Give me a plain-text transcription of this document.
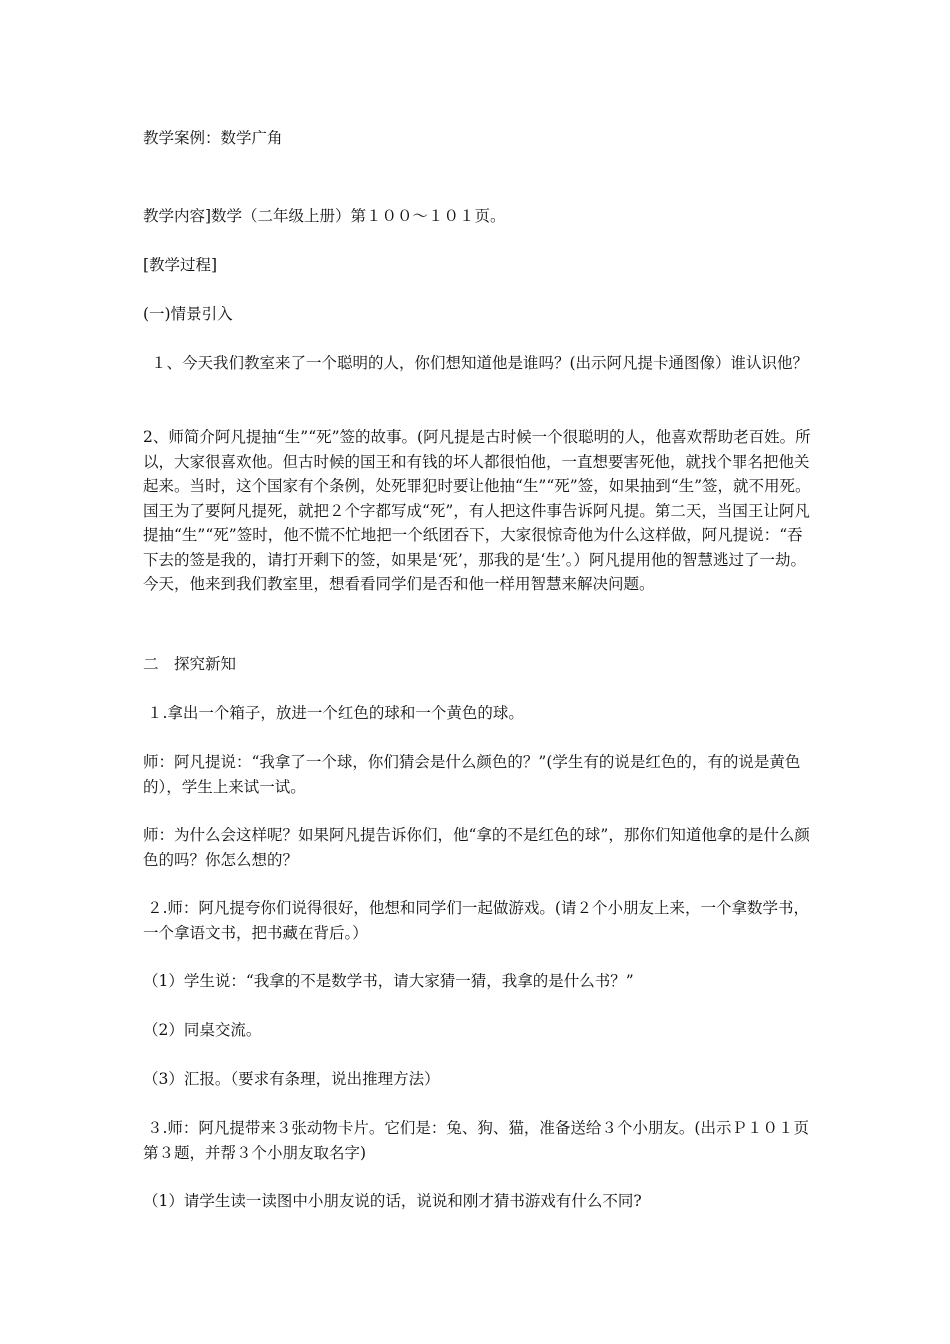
教学案例：数学广角

教学内容]数学（二年级上册）第１００～１０１页。

[教学过程]

(一)情景引入

１、今天我们教室来了一个聪明的人，你们想知道他是谁吗？(出示阿凡提卡通图像）谁认识他？

2、师简介阿凡提抽“生”“死”签的故事。(阿凡提是古时候一个很聪明的人，他喜欢帮助老百姓。所以，大家很喜欢他。但古时候的国王和有钱的坏人都很怕他，一直想要害死他，就找个罪名把他关起来。当时，这个国家有个条例，处死罪犯时要让他抽“生”“死”签，如果抽到“生”签，就不用死。国王为了要阿凡提死，就把２个字都写成“死”，有人把这件事告诉阿凡提。第二天，当国王让阿凡提抽“生”“死”签时，他不慌不忙地把一个纸团吞下，大家很惊奇他为什么这样做，阿凡提说：“吞下去的签是我的，请打开剩下的签，如果是‘死’，那我的是‘生’。）阿凡提用他的智慧逃过了一劫。今天，他来到我们教室里，想看看同学们是否和他一样用智慧来解决问题。

二　探究新知

１.拿出一个箱子，放进一个红色的球和一个黄色的球。

师：阿凡提说：“我拿了一个球，你们猜会是什么颜色的？”(学生有的说是红色的，有的说是黄色的），学生上来试一试。

师：为什么会这样呢？如果阿凡提告诉你们，他“拿的不是红色的球”，那你们知道他拿的是什么颜色的吗？你怎么想的？

２.师：阿凡提夸你们说得很好，他想和同学们一起做游戏。(请２个小朋友上来，一个拿数学书，一个拿语文书，把书藏在背后。）

（1）学生说：“我拿的不是数学书，请大家猜一猜，我拿的是什么书？”

（2）同桌交流。

（3）汇报。（要求有条理，说出推理方法）

３.师：阿凡提带来３张动物卡片。它们是：兔、狗、猫，准备送给３个小朋友。(出示Ｐ１０１页第３题，并帮３个小朋友取名字)

（1）请学生读一读图中小朋友说的话，说说和刚才猜书游戏有什么不同?
